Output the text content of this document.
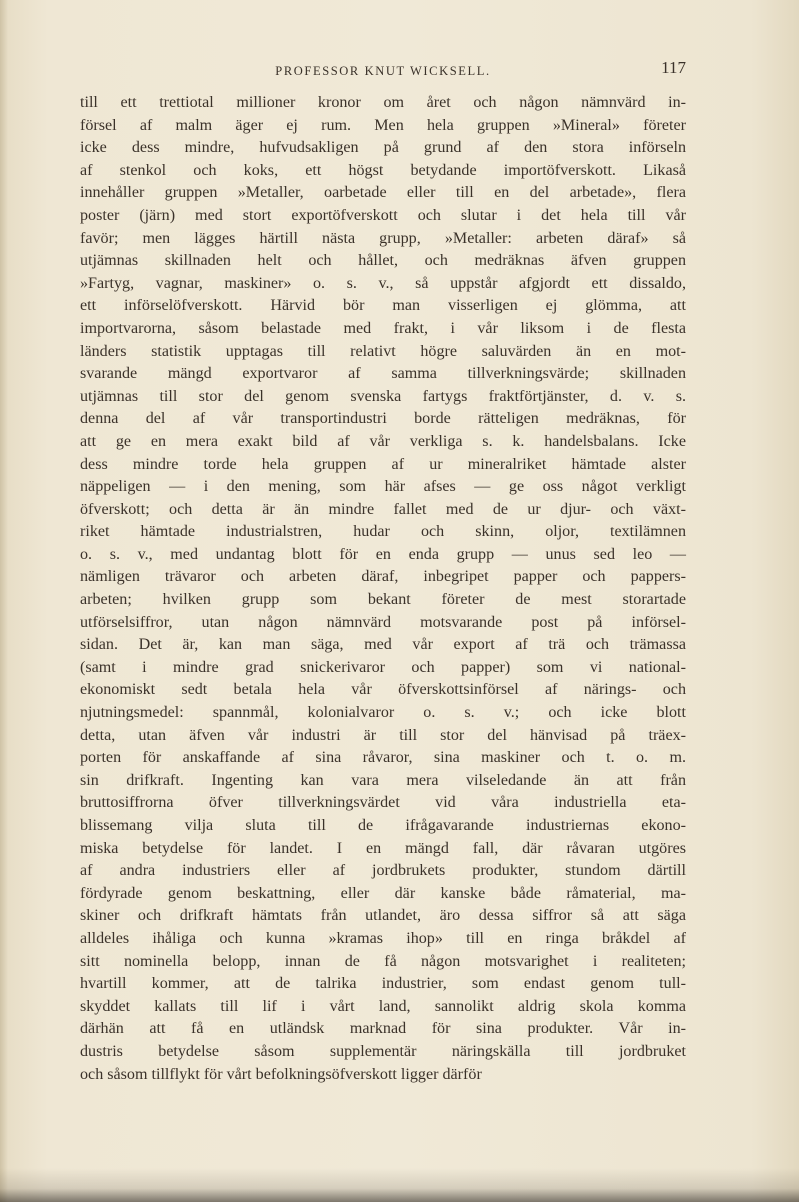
PROFESSOR KNUT WICKSELL.	117
till ett trettiotal millioner kronor om året och någon nämnvärd in-
försel af malm äger ej rum. Men hela gruppen »Mineral» företer
icke dess mindre, hufvudsakligen på grund af den stora införseln
af stenkol och koks, ett högst betydande importöfverskott. Likaså
innehåller gruppen »Metaller, oarbetade eller till en del arbetade», flera
poster (järn) med stort exportöfverskott och slutar i det hela till vår
favör; men lägges härtill nästa grupp, »Metaller: arbeten däraf» så
utjämnas skillnaden helt och hållet, och medräknas äfven gruppen
»Fartyg, vagnar, maskiner» o. s. v., så uppstår afgjordt ett dissaldo,
ett införselöfverskott. Härvid bör man visserligen ej glömma, att
importvarorna, såsom belastade med frakt, i vår liksom i de flesta
länders statistik upptagas till relativt högre saluvärden än en mot-
svarande mängd exportvaror af samma tillverkningsvärde; skillnaden
utjämnas till stor del genom svenska fartygs fraktförtjänster, d. v. s.
denna del af vår transportindustri borde rätteligen medräknas, för
att ge en mera exakt bild af vår verkliga s. k. handelsbalans. Icke
dess mindre torde hela gruppen af ur mineralriket hämtade alster
näppeligen — i den mening, som här afses — ge oss något verkligt
öfverskott; och detta är än mindre fallet med de ur djur- och växt-
riket hämtade industrialstren, hudar och skinn, oljor, textilämnen
o. s. v., med undantag blott för en enda grupp — unus sed leo —
nämligen trävaror och arbeten däraf, inbegripet papper och pappers-
arbeten; hvilken grupp som bekant företer de mest storartade
utförselsiffror, utan någon nämnvärd motsvarande post på införsel-
sidan. Det är, kan man säga, med vår export af trä och trämassa
(samt i mindre grad snickerivaror och papper) som vi national-
ekonomiskt sedt betala hela vår öfverskottsinförsel af närings- och
njutningsmedel: spannmål, kolonialvaror o. s. v.; och icke blott
detta, utan äfven vår industri är till stor del hänvisad på träex-
porten för anskaffande af sina råvaror, sina maskiner och t. o. m.
sin drifkraft. Ingenting kan vara mera vilseledande än att från
bruttosiffrorna öfver tillverkningsvärdet vid våra industriella eta-
blissemang vilja sluta till de ifrågavarande industriernas ekono-
miska betydelse för landet. I en mängd fall, där råvaran utgöres
af andra industriers eller af jordbrukets produkter, stundom därtill
fördyrade genom beskattning, eller där kanske både råmaterial, ma-
skiner och drifkraft hämtats från utlandet, äro dessa siffror så att säga
alldeles ihåliga och kunna »kramas ihop» till en ringa bråkdel af
sitt nominella belopp, innan de få någon motsvarighet i realiteten;
hvartill kommer, att de talrika industrier, som endast genom tull-
skyddet kallats till lif i vårt land, sannolikt aldrig skola komma
därhän att få en utländsk marknad för sina produkter. Vår in-
dustris betydelse såsom supplementär näringskälla till jordbruket
och såsom tillflykt för vårt befolkningsöfverskott ligger därför
